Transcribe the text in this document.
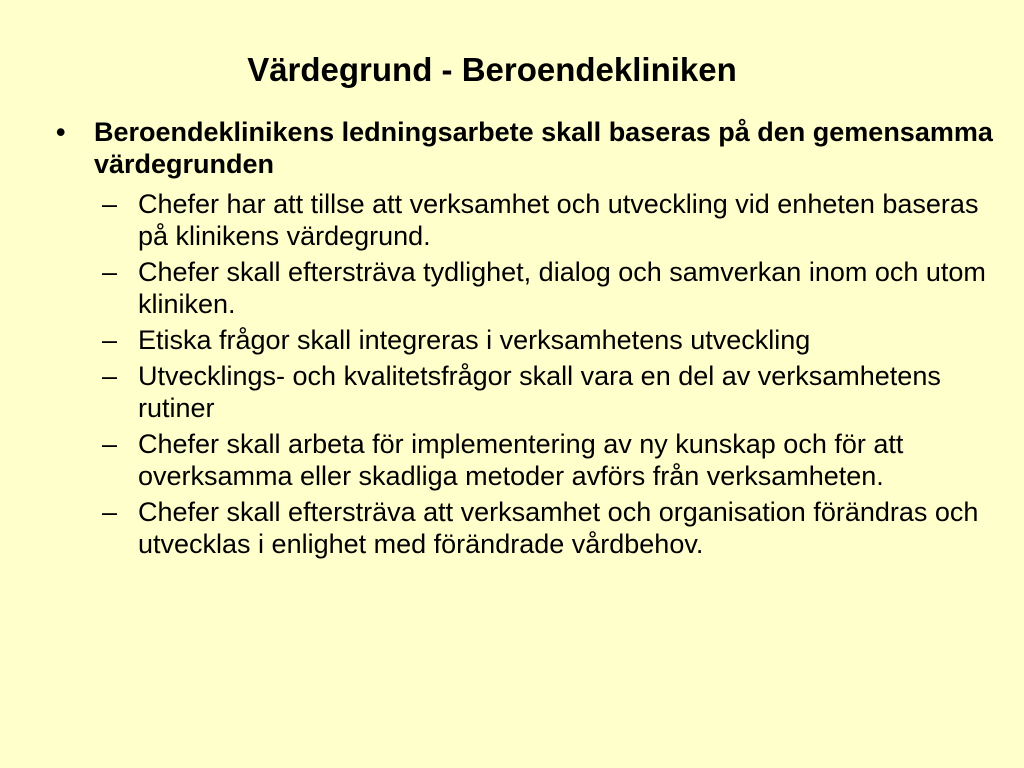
Värdegrund - Beroendekliniken
• Beroendeklinikens ledningsarbete skall baseras på den gemensamma värdegrunden
– Chefer har att tillse att verksamhet och utveckling vid enheten baseras på klinikens värdegrund.
– Chefer skall eftersträva tydlighet, dialog och samverkan inom och utom kliniken.
– Etiska frågor skall integreras i verksamhetens utveckling
– Utvecklings- och kvalitetsfrågor skall vara en del av verksamhetens rutiner
– Chefer skall arbeta för implementering av ny kunskap och för att overksamma eller skadliga metoder avförs från verksamheten.
– Chefer skall eftersträva att verksamhet och organisation förändras och utvecklas i enlighet med förändrade vårdbehov.
